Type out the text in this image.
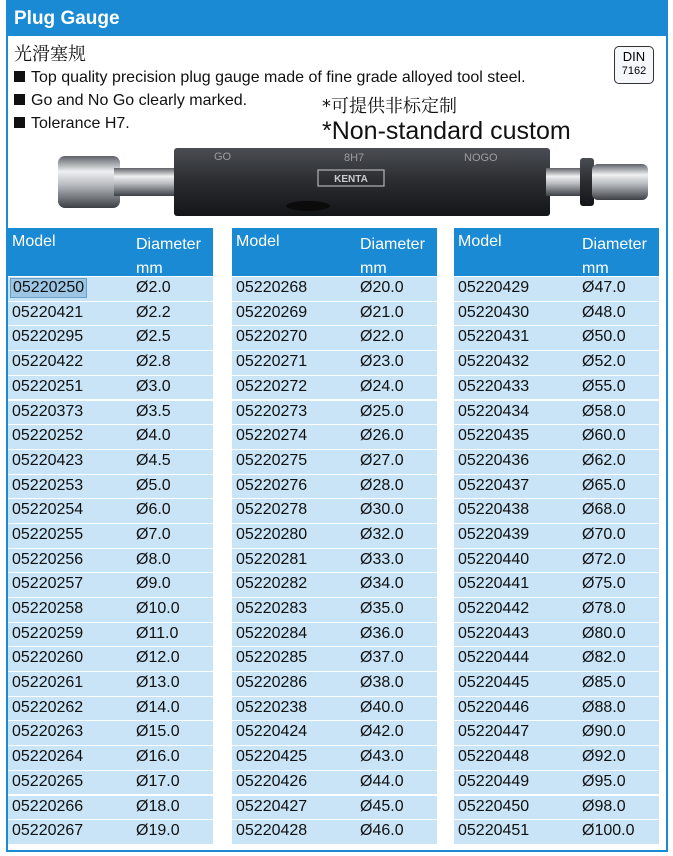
Plug Gauge
光滑塞规
Top quality precision plug gauge made of fine grade alloyed tool steel.
Go and No Go clearly marked.
Tolerance H7.
*可提供非标定制
*Non-standard custom
DIN
7162
GO	8H7
KENTA
NOGO
Model	Diameter
mm
05220250	Ø2.0
05220421	Ø2.2
05220295	Ø2.5
05220422	Ø2.8
05220251	Ø3.0
05220373	Ø3.5
05220252	Ø4.0
05220423	Ø4.5
05220253	Ø5.0
05220254	Ø6.0
05220255	Ø7.0
05220256	Ø8.0
05220257	Ø9.0
05220258	Ø10.0
05220259	Ø11.0
05220260	Ø12.0
05220261	Ø13.0
05220262	Ø14.0
05220263	Ø15.0
05220264	Ø16.0
05220265	Ø17.0
05220266	Ø18.0
05220267	Ø19.0
Model	Diameter
mm
05220268	Ø20.0
05220269	Ø21.0
05220270	Ø22.0
05220271	Ø23.0
05220272	Ø24.0
05220273	Ø25.0
05220274	Ø26.0
05220275	Ø27.0
05220276	Ø28.0
05220278	Ø30.0
05220280	Ø32.0
05220281	Ø33.0
05220282	Ø34.0
05220283	Ø35.0
05220284	Ø36.0
05220285	Ø37.0
05220286	Ø38.0
05220238	Ø40.0
05220424	Ø42.0
05220425	Ø43.0
05220426	Ø44.0
05220427	Ø45.0
05220428	Ø46.0
Model	Diameter
mm
05220429	Ø47.0
05220430	Ø48.0
05220431	Ø50.0
05220432	Ø52.0
05220433	Ø55.0
05220434	Ø58.0
05220435	Ø60.0
05220436	Ø62.0
05220437	Ø65.0
05220438	Ø68.0
05220439	Ø70.0
05220440	Ø72.0
05220441	Ø75.0
05220442	Ø78.0
05220443	Ø80.0
05220444	Ø82.0
05220445	Ø85.0
05220446	Ø88.0
05220447	Ø90.0
05220448	Ø92.0
05220449	Ø95.0
05220450	Ø98.0
05220451	Ø100.0
